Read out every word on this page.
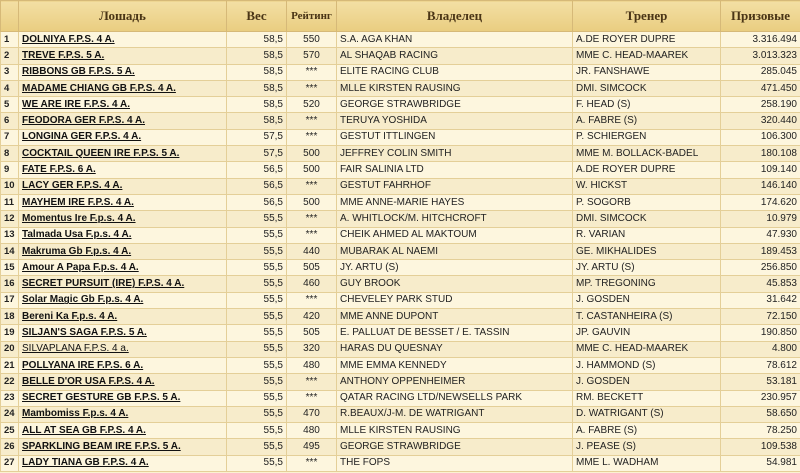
	Лошадь	Вес	Рейтинг	Владелец	Тренер	Призовые
1	DOLNIYA F.P.S. 4 A.	58,5	550	S.A. AGA KHAN	A.DE ROYER DUPRE	3.316.494
2	TREVE F.P.S. 5 A.	58,5	570	AL SHAQAB RACING	MME C. HEAD-MAAREK	3.013.323
3	RIBBONS GB F.P.S. 5 A.	58,5	***	ELITE RACING CLUB	JR. FANSHAWE	285.045
4	MADAME CHIANG GB F.P.S. 4 A.	58,5	***	MLLE KIRSTEN RAUSING	DMI. SIMCOCK	471.450
5	WE ARE IRE F.P.S. 4 A.	58,5	520	GEORGE STRAWBRIDGE	F. HEAD (S)	258.190
6	FEODORA GER F.P.S. 4 A.	58,5	***	TERUYA YOSHIDA	A. FABRE (S)	320.440
7	LONGINA GER F.P.S. 4 A.	57,5	***	GESTUT ITTLINGEN	P. SCHIERGEN	106.300
8	COCKTAIL QUEEN IRE F.P.S. 5 A.	57,5	500	JEFFREY COLIN SMITH	MME M. BOLLACK-BADEL	180.108
9	FATE F.P.S. 6 A.	56,5	500	FAIR SALINIA LTD	A.DE ROYER DUPRE	109.140
10	LACY GER F.P.S. 4 A.	56,5	***	GESTUT FAHRHOF	W. HICKST	146.140
11	MAYHEM IRE F.P.S. 4 A.	56,5	500	MME ANNE-MARIE HAYES	P. SOGORB	174.620
12	Momentus Ire F.p.s. 4 A.	55,5	***	A. WHITLOCK/M. HITCHCROFT	DMI. SIMCOCK	10.979
13	Talmada Usa F.p.s. 4 A.	55,5	***	CHEIK AHMED AL MAKTOUM	R. VARIAN	47.930
14	Makruma Gb F.p.s. 4 A.	55,5	440	MUBARAK AL NAEMI	GE. MIKHALIDES	189.453
15	Amour A Papa F.p.s. 4 A.	55,5	505	JY. ARTU (S)	JY. ARTU (S)	256.850
16	SECRET PURSUIT (IRE) F.P.S. 4 A.	55,5	460	GUY BROOK	MP. TREGONING	45.853
17	Solar Magic Gb F.p.s. 4 A.	55,5	***	CHEVELEY PARK STUD	J. GOSDEN	31.642
18	Bereni Ka F.p.s. 4 A.	55,5	420	MME ANNE DUPONT	T. CASTANHEIRA (S)	72.150
19	SILJAN'S SAGA F.P.S. 5 A.	55,5	505	E. PALLUAT DE BESSET / E. TASSIN	JP. GAUVIN	190.850
20	SILVAPLANA F.P.S. 4 a.	55,5	320	HARAS DU QUESNAY	MME C. HEAD-MAAREK	4.800
21	POLLYANA IRE F.P.S. 6 A.	55,5	480	MME EMMA KENNEDY	J. HAMMOND (S)	78.612
22	BELLE D'OR USA F.P.S. 4 A.	55,5	***	ANTHONY OPPENHEIMER	J. GOSDEN	53.181
23	SECRET GESTURE GB F.P.S. 5 A.	55,5	***	QATAR RACING LTD/NEWSELLS PARK	RM. BECKETT	230.957
24	Mambomiss F.p.s. 4 A.	55,5	470	R.BEAUX/J-M. DE WATRIGANT	D. WATRIGANT (S)	58.650
25	ALL AT SEA GB F.P.S. 4 A.	55,5	480	MLLE KIRSTEN RAUSING	A. FABRE (S)	78.250
26	SPARKLING BEAM IRE F.P.S. 5 A.	55,5	495	GEORGE STRAWBRIDGE	J. PEASE (S)	109.538
27	LADY TIANA GB F.P.S. 4 A.	55,5	***	THE FOPS	MME L. WADHAM	54.981
